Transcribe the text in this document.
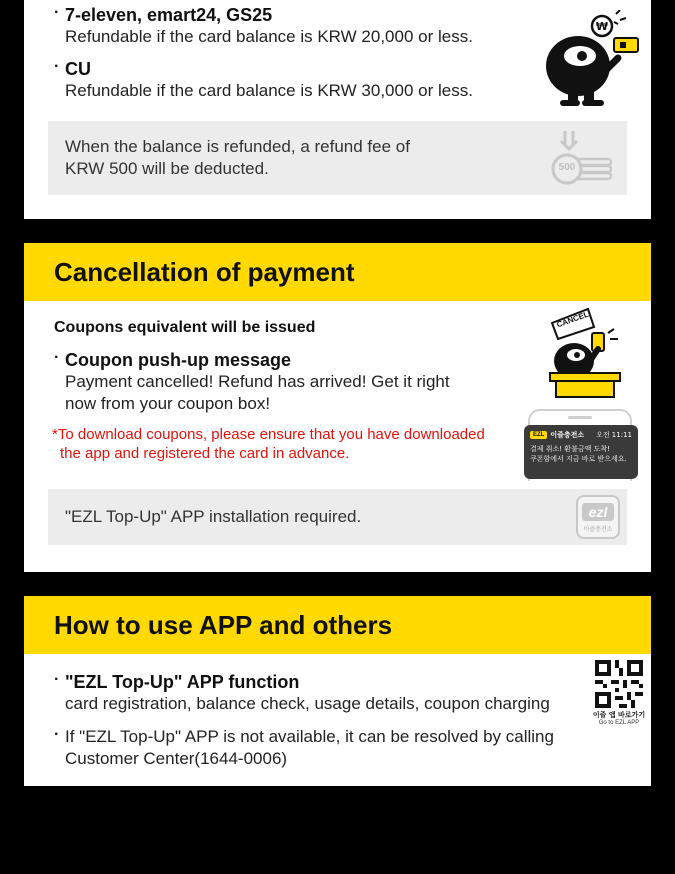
· 7-eleven, emart24, GS25
Refundable if the card balance is KRW 20,000 or less.
· CU
Refundable if the card balance is KRW 30,000 or less.
₩
When the balance is refunded, a refund fee of
KRW 500 will be deducted.	500
Cancellation of payment
Coupons equivalent will be issued
· Coupon push-up message
Payment cancelled! Refund has arrived! Get it right
now from your coupon box!
*To download coupons, please ensure that you have downloaded
the app and registered the card in advance.
CANCEL
EZL 이즐충전소 오전 11:11
결제 취소! 환불금액 도착!
쿠폰함에서 지금 바로 받으세요.
"EZL Top-Up" APP installation required.	ezl
이즐충전소
How to use APP and others
· "EZL Top-Up" APP function
card registration, balance check, usage details, coupon charging
· If "EZL Top-Up" APP is not available, it can be resolved by calling
Customer Center(1644-0006)
이즐 앱 바로가기
Go to EZL APP
